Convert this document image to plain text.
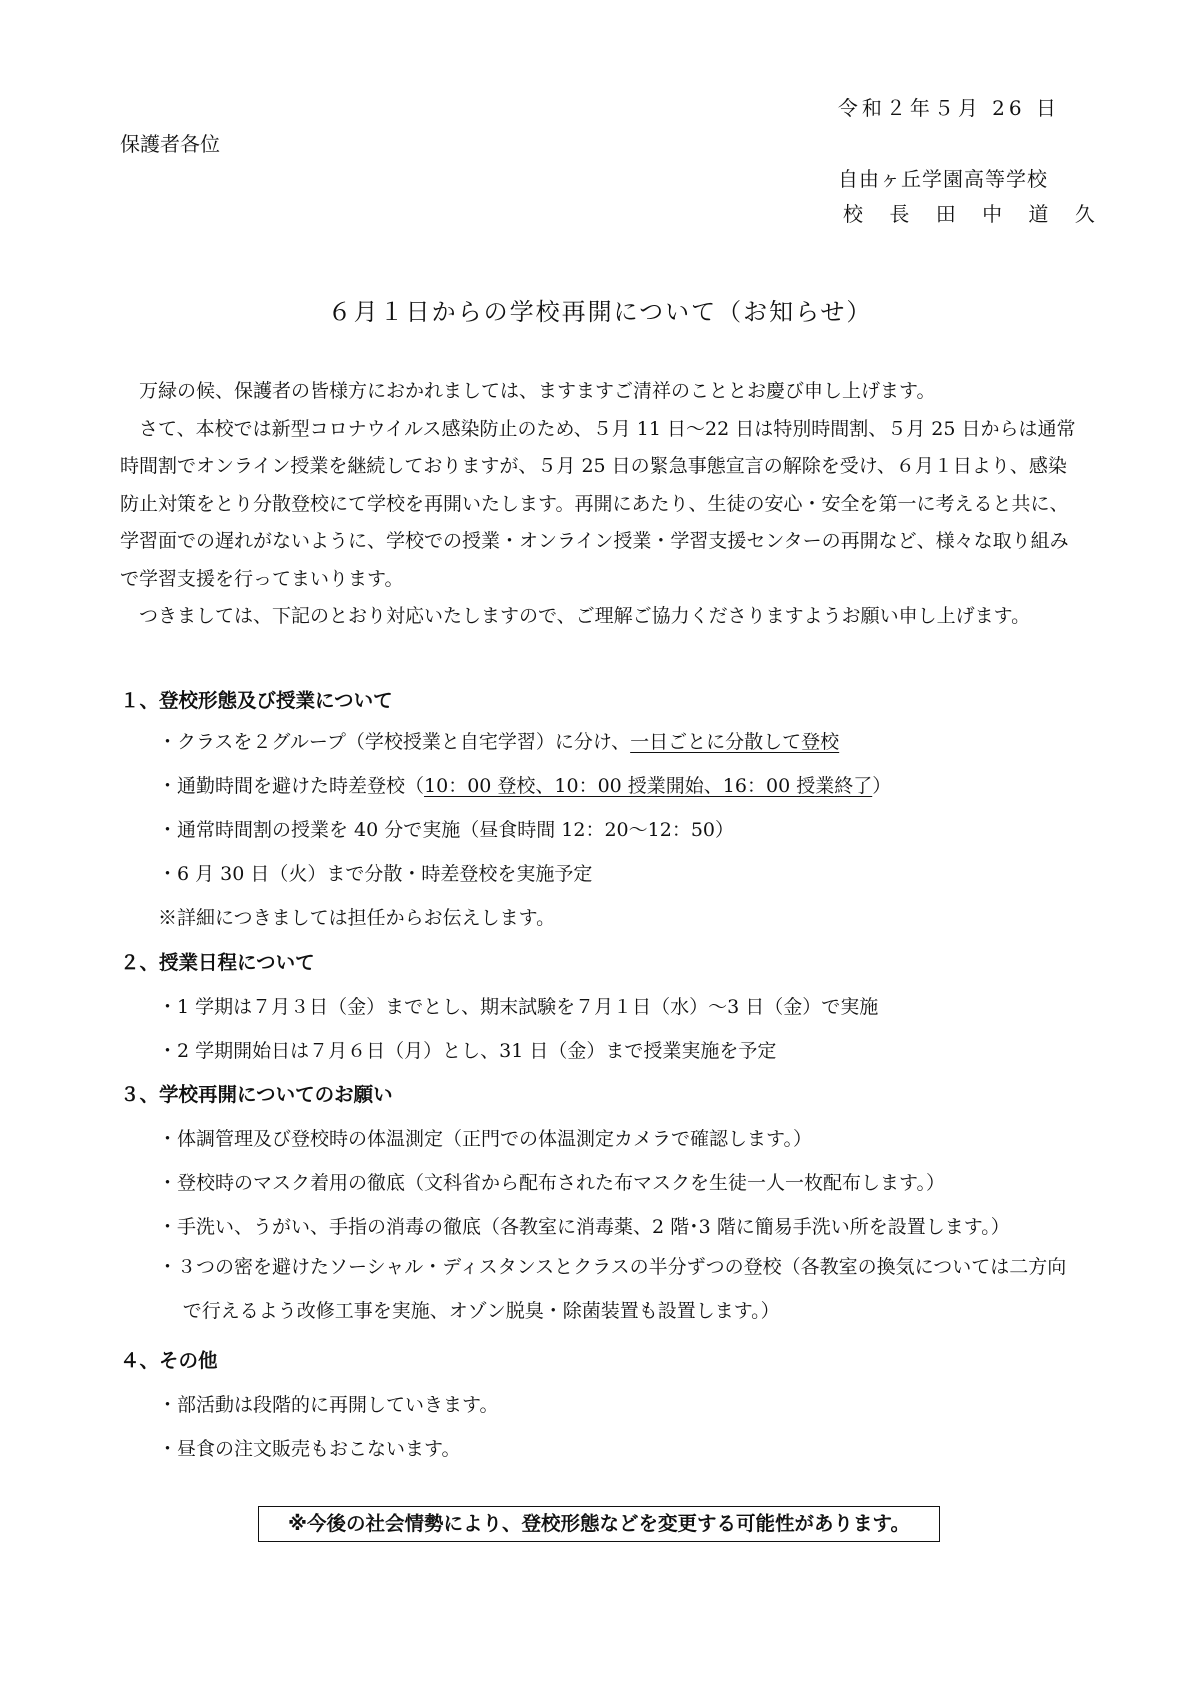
令和２年５月 26 日
保護者各位
自由ヶ丘学園高等学校
校 長 田 中 道 久
６月１日からの学校再開について（お知らせ）

万緑の候、保護者の皆様方におかれましては、ますますご清祥のこととお慶び申し上げます。

さて、本校では新型コロナウイルス感染防止のため、５月 11 日～22 日は特別時間割、５月 25 日からは通常時間割でオンライン授業を継続しておりますが、５月 25 日の緊急事態宣言の解除を受け、６月１日より、感染防止対策をとり分散登校にて学校を再開いたします。再開にあたり、生徒の安心・安全を第一に考えると共に、学習面での遅れがないように、学校での授業・オンライン授業・学習支援センターの再開など、様々な取り組みで学習支援を行ってまいります。

つきましては、下記のとおり対応いたしますので、ご理解ご協力くださりますようお願い申し上げます。

１、登校形態及び授業について
・クラスを２グループ（学校授業と自宅学習）に分け、一日ごとに分散して登校
・通勤時間を避けた時差登校（10：00 登校、10：00 授業開始、16：00 授業終了）
・通常時間割の授業を 40 分で実施（昼食時間 12：20～12：50）
・6 月 30 日（火）まで分散・時差登校を実施予定
※詳細につきましては担任からお伝えします。
２、授業日程について
・1 学期は７月３日（金）までとし、期末試験を７月１日（水）～3 日（金）で実施
・2 学期開始日は７月６日（月）とし、31 日（金）まで授業実施を予定
３、学校再開についてのお願い
・体調管理及び登校時の体温測定（正門での体温測定カメラで確認します。）
・登校時のマスク着用の徹底（文科省から配布された布マスクを生徒一人一枚配布します。）
・手洗い、うがい、手指の消毒の徹底（各教室に消毒薬、2 階･3 階に簡易手洗い所を設置します。）
・３つの密を避けたソーシャル・ディスタンスとクラスの半分ずつの登校（各教室の換気については二方向で行えるよう改修工事を実施、オゾン脱臭・除菌装置も設置します。）
４、その他
・部活動は段階的に再開していきます。
・昼食の注文販売もおこないます。
※今後の社会情勢により、登校形態などを変更する可能性があります。
